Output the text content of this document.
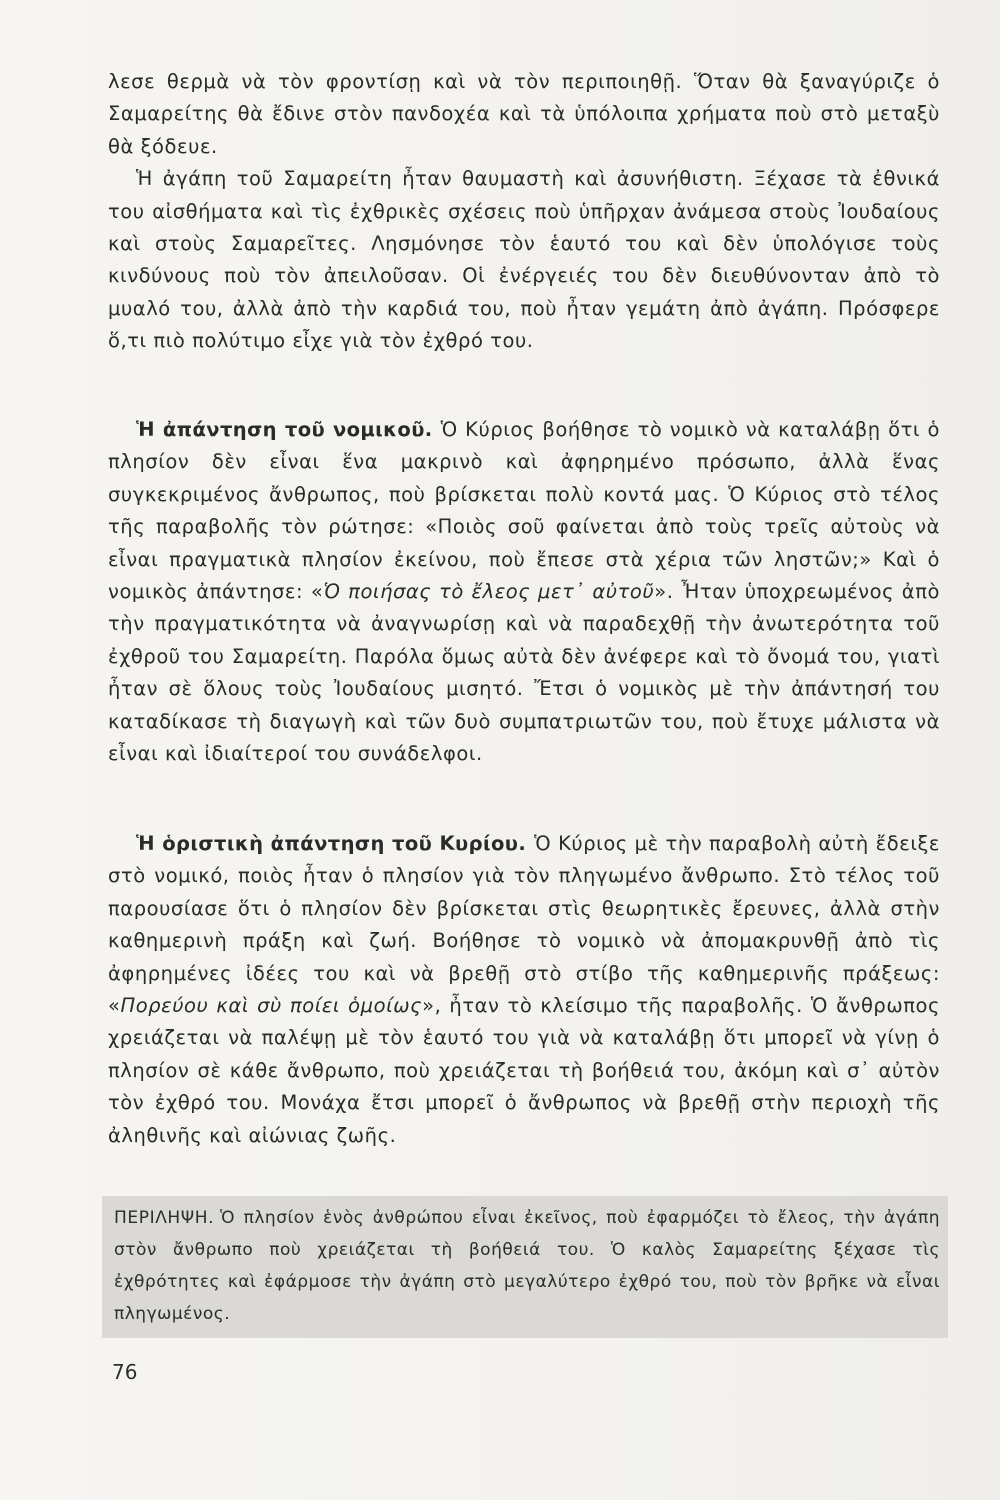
λεσε θερμὰ νὰ τὸν φροντίσῃ καὶ νὰ τὸν περιποιηθῇ. Ὅταν θὰ ξαναγύριζε ὁ Σαμαρείτης θὰ ἔδινε στὸν πανδοχέα καὶ τὰ ὑπόλοιπα χρήματα ποὺ στὸ μεταξὺ θὰ ξόδευε.

Ἡ ἀγάπη τοῦ Σαμαρείτη ἦταν θαυμαστὴ καὶ ἀσυνήθιστη. Ξέχασε τὰ ἐθνικά του αἰσθήματα καὶ τὶς ἐχθρικὲς σχέσεις ποὺ ὑπῆρχαν ἀνάμεσα στοὺς Ἰουδαίους καὶ στοὺς Σαμαρεῖτες. Λησμόνησε τὸν ἑαυτό του καὶ δὲν ὑπολόγισε τοὺς κινδύνους ποὺ τὸν ἀπειλοῦσαν. Οἱ ἐνέργειές του δὲν διευθύνονταν ἀπὸ τὸ μυαλό του, ἀλλὰ ἀπὸ τὴν καρδιά του, ποὺ ἦταν γεμάτη ἀπὸ ἀγάπη. Πρόσφερε ὅ,τι πιὸ πολύτιμο εἶχε γιὰ τὸν ἐχθρό του.

Ἡ ἀπάντηση τοῦ νομικοῦ. Ὁ Κύριος βοήθησε τὸ νομικὸ νὰ καταλάβῃ ὅτι ὁ πλησίον δὲν εἶναι ἕνα μακρινὸ καὶ ἀφηρημένο πρόσωπο, ἀλλὰ ἕνας συγκεκριμένος ἄνθρωπος, ποὺ βρίσκεται πολὺ κοντά μας. Ὁ Κύριος στὸ τέλος τῆς παραβολῆς τὸν ρώτησε: «Ποιὸς σοῦ φαίνεται ἀπὸ τοὺς τρεῖς αὐτοὺς νὰ εἶναι πραγματικὰ πλησίον ἐκείνου, ποὺ ἔπεσε στὰ χέρια τῶν ληστῶν;» Καὶ ὁ νομικὸς ἀπάντησε: «Ὁ ποιήσας τὸ ἔλεος μετ᾽ αὐτοῦ». Ἦταν ὑποχρεωμένος ἀπὸ τὴν πραγματικότητα νὰ ἀναγνωρίσῃ καὶ νὰ παραδεχθῇ τὴν ἀνωτερότητα τοῦ ἐχθροῦ του Σαμαρείτη. Παρόλα ὅμως αὐτὰ δὲν ἀνέφερε καὶ τὸ ὄνομά του, γιατὶ ἦταν σὲ ὅλους τοὺς Ἰουδαίους μισητό. Ἔτσι ὁ νομικὸς μὲ τὴν ἀπάντησή του καταδίκασε τὴ διαγωγὴ καὶ τῶν δυὸ συμπατριωτῶν του, ποὺ ἔτυχε μάλιστα νὰ εἶναι καὶ ἰδιαίτεροί του συνάδελφοι.

Ἡ ὁριστικὴ ἀπάντηση τοῦ Κυρίου. Ὁ Κύριος μὲ τὴν παραβολὴ αὐτὴ ἔδειξε στὸ νομικό, ποιὸς ἦταν ὁ πλησίον γιὰ τὸν πληγωμένο ἄνθρωπο. Στὸ τέλος τοῦ παρουσίασε ὅτι ὁ πλησίον δὲν βρίσκεται στὶς θεωρητικὲς ἔρευνες, ἀλλὰ στὴν καθημερινὴ πράξη καὶ ζωή. Βοήθησε τὸ νομικὸ νὰ ἀπομακρυνθῇ ἀπὸ τὶς ἀφηρημένες ἰδέες του καὶ νὰ βρεθῇ στὸ στίβο τῆς καθημερινῆς πράξεως: «Πορεύου καὶ σὺ ποίει ὁμοίως», ἦταν τὸ κλείσιμο τῆς παραβολῆς. Ὁ ἄνθρωπος χρειάζεται νὰ παλέψῃ μὲ τὸν ἑαυτό του γιὰ νὰ καταλάβῃ ὅτι μπορεῖ νὰ γίνῃ ὁ πλησίον σὲ κάθε ἄνθρωπο, ποὺ χρειάζεται τὴ βοήθειά του, ἀκόμη καὶ σ᾽ αὐτὸν τὸν ἐχθρό του. Μονάχα ἔτσι μπορεῖ ὁ ἄνθρωπος νὰ βρεθῇ στὴν περιοχὴ τῆς ἀληθινῆς καὶ αἰώνιας ζωῆς.

ΠΕΡΙΛΗΨΗ. Ὁ πλησίον ἑνὸς ἀνθρώπου εἶναι ἐκεῖνος, ποὺ ἐφαρμόζει τὸ ἔλεος, τὴν ἀγάπη στὸν ἄνθρωπο ποὺ χρειάζεται τὴ βοήθειά του. Ὁ καλὸς Σαμαρείτης ξέχασε τὶς ἐχθρότητες καὶ ἐφάρμοσε τὴν ἀγάπη στὸ μεγαλύτερο ἐχθρό του, ποὺ τὸν βρῆκε νὰ εἶναι πληγωμένος.
76
